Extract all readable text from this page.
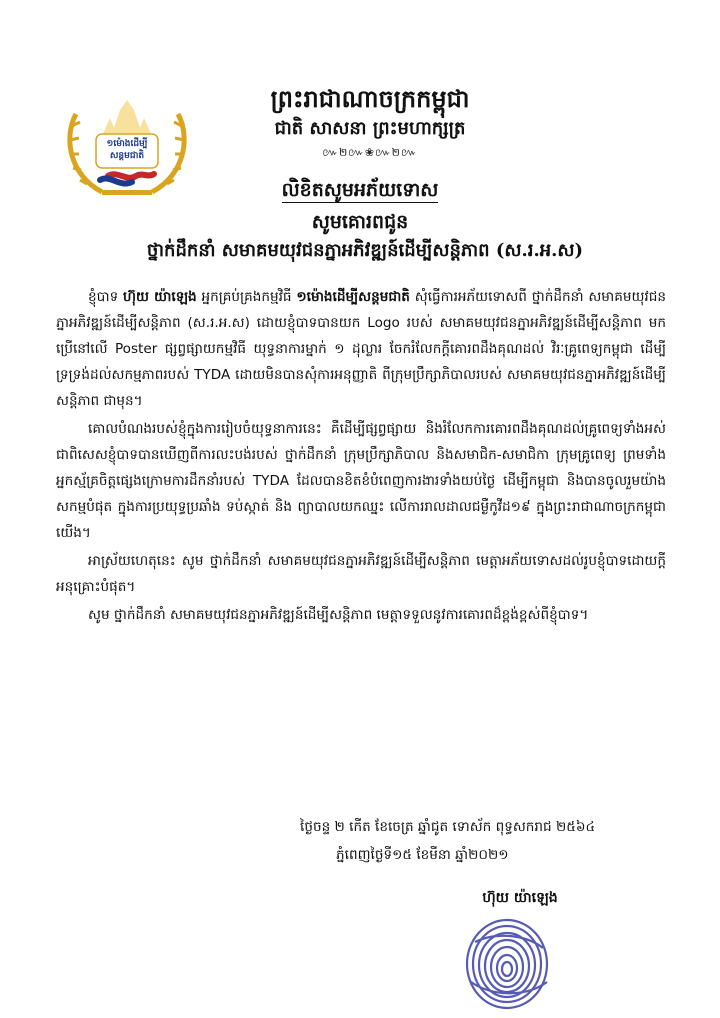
១ម៉ោងដើម្បី
សន្តមជាតិ
ព្រះរាជាណាចក្រកម្ពុជា
ជាតិ សាសនា ព្រះមហាក្សត្រ
៚២៚❀៚២៚
លិខិតសូមអភ័យទោស
សូមគោរពជូន
ថ្នាក់ដឹកនាំ សមាគមយុវជនភ្នាអភិវឌ្ឍន៍ដើម្បីសន្តិភាព (ស.រ.អ.ស)

ខ្ញុំបាទ ហ៊ុយ យ៉ាឡេង អ្នកគ្រប់គ្រងកម្មវិធី ១ម៉ោងដើម្បីសន្តមជាតិ សុំធ្វើការអភ័យទោសពី ថ្នាក់ដឹកនាំ សមាគមយុវជនភ្នាអភិវឌ្ឍន៍ដើម្បីសន្តិភាព (ស.រ.អ.ស) ដោយខ្ញុំបាទបានយក Logo របស់ សមាគមយុវជនភ្នាអភិវឌ្ឍន៍ដើម្បីសន្តិភាព មកប្រើនៅលើ Poster ផ្សព្វផ្សាយកម្មវិធី យុទ្ធនាការម្នាក់ ១ ដុល្លារ ចែករំលែកក្តីគោរពដឹងគុណដល់ វិរៈគ្រូពេទ្យកម្ពុជា ដើម្បីទ្រទ្រង់ដល់សកម្មភាពរបស់ TYDA ដោយមិនបានសុំការអនុញ្ញាតិ ពីក្រុមប្រឹក្សាភិបាលរបស់ សមាគមយុវជនភ្នាអភិវឌ្ឍន៍ដើម្បីសន្តិភាព ជាមុន។

គោលបំណងរបស់ខ្ញុំក្នុងការរៀបចំយុទ្ធនាការនេះ គឺដើម្បីផ្សព្វផ្សាយ និងរំលែកការគោរពដឹងគុណដល់គ្រូពេទ្យទាំងអស់ ជាពិសេសខ្ញុំបាទបានឃើញពីការលះបង់របស់ ថ្នាក់ដឹកនាំ ក្រុមប្រឹក្សាភិបាល និងសមាជិក-សមាជិកា ក្រុមគ្រូពេទ្យ ព្រមទាំងអ្នកស្ម័គ្រចិត្តផ្សេងក្រោមការដឹកនាំរបស់ TYDA ដែលបានខិតខំបំពេញការងារទាំងយប់ថ្ងៃ ដើម្បីកម្ពុជា និងបានចូលរួមយ៉ាងសកម្មបំផុត ក្នុងការប្រយុទ្ធប្រឆាំង ទប់ស្កាត់ និង ព្យាបាលយកឈ្នះ លើការរាលដាលជម្ងឺកូវីដ១៩ ក្នុងព្រះរាជាណាចក្រកម្ពុជាយើង។

អាស្រ័យហេតុនេះ សូម ថ្នាក់ដឹកនាំ សមាគមយុវជនភ្នាអភិវឌ្ឍន៍ដើម្បីសន្តិភាព មេត្តាអភ័យទោសដល់រូបខ្ញុំបាទដោយក្តីអនុគ្រោះបំផុត។

សូម ថ្នាក់ដឹកនាំ សមាគមយុវជនភ្នាអភិវឌ្ឍន៍ដើម្បីសន្តិភាព មេត្តាទទួលនូវការគោរពដ៏ខ្ពង់ខ្ពស់ពីខ្ញុំបាទ។

ថ្ងៃចន្ទ ២ កើត ខែចេត្រ ឆ្នាំជូត ទោស័ក ពុទ្ធសករាជ ២៥៦៤
ភ្នំពេញថ្ងៃទី១៥ ខែមីនា ឆ្នាំ២០២១
ហ៊ុយ យ៉ាឡេង
